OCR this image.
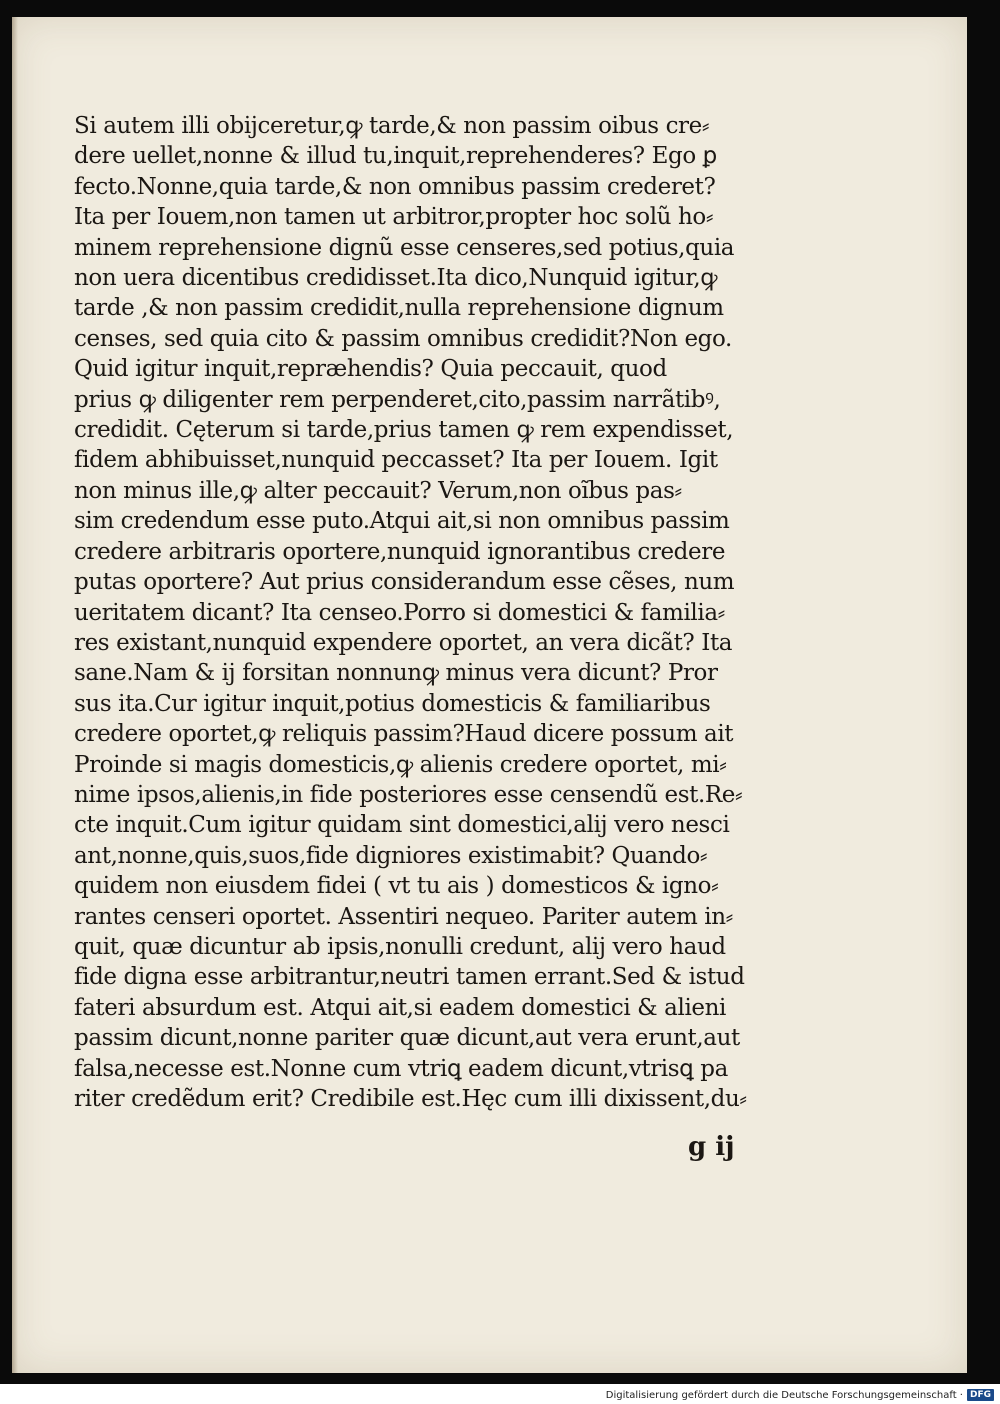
Si autem illi obijceretur,ꝙ tarde,& non passim oibus cre⸗
dere uellet,nonne & illud tu,inquit,reprehenderes? Ego ꝑ
fecto.Nonne,quia tarde,& non omnibus passim crederet?
Ita per Iouem,non tamen ut arbitror,propter hoc solũ ho⸗
minem reprehensione dignũ esse censeres,sed potius,quia
non uera dicentibus credidisset.Ita dico,Nunquid igitur,ꝙ
tarde ,& non passim credidit,nulla reprehensione dignum
censes, sed quia cito & passim omnibus credidit?Non ego.
Quid igitur inquit,repræhendis? Quia peccauit, quod
prius ꝙ diligenter rem perpenderet,cito,passim narrãtibꝰ,
credidit. Cęterum si tarde,prius tamen ꝙ rem expendisset,
fidem abhibuisset,nunquid peccasset? Ita per Iouem. Igit
non minus ille,ꝙ alter peccauit? Verum,non oĩbus pas⸗
sim credendum esse puto.Atqui ait,si non omnibus passim
credere arbitraris oportere,nunquid ignorantibus credere
putas oportere? Aut prius considerandum esse cẽses, num
ueritatem dicant? Ita censeo.Porro si domestici & familia⸗
res existant,nunquid expendere oportet, an vera dicãt? Ita
sane.Nam & ij forsitan nonnunꝙ minus vera dicunt? Pror
sus ita.Cur igitur inquit,potius domesticis & familiaribus
credere oportet,ꝙ reliquis passim?Haud dicere possum ait
Proinde si magis domesticis,ꝙ alienis credere oportet, mi⸗
nime ipsos,alienis,in fide posteriores esse censendũ est.Re⸗
cte inquit.Cum igitur quidam sint domestici,alij vero nesci
ant,nonne,quis,suos,fide digniores existimabit? Quando⸗
quidem non eiusdem fidei ( vt tu ais ) domesticos & igno⸗
rantes censeri oportet. Assentiri nequeo. Pariter autem in⸗
quit, quæ dicuntur ab ipsis,nonulli credunt, alij vero haud
fide digna esse arbitrantur,neutri tamen errant.Sed & istud
fateri absurdum est. Atqui ait,si eadem domestici & alieni
passim dicunt,nonne pariter quæ dicunt,aut vera erunt,aut
falsa,necesse est.Nonne cum vtriꝗ eadem dicunt,vtrisꝗ pa
riter credẽdum erit? Credibile est.Hęc cum illi dixissent,du⸗
g ij
Digitalisierung gefördert durch die Deutsche Forschungsgemeinschaft · DFG
